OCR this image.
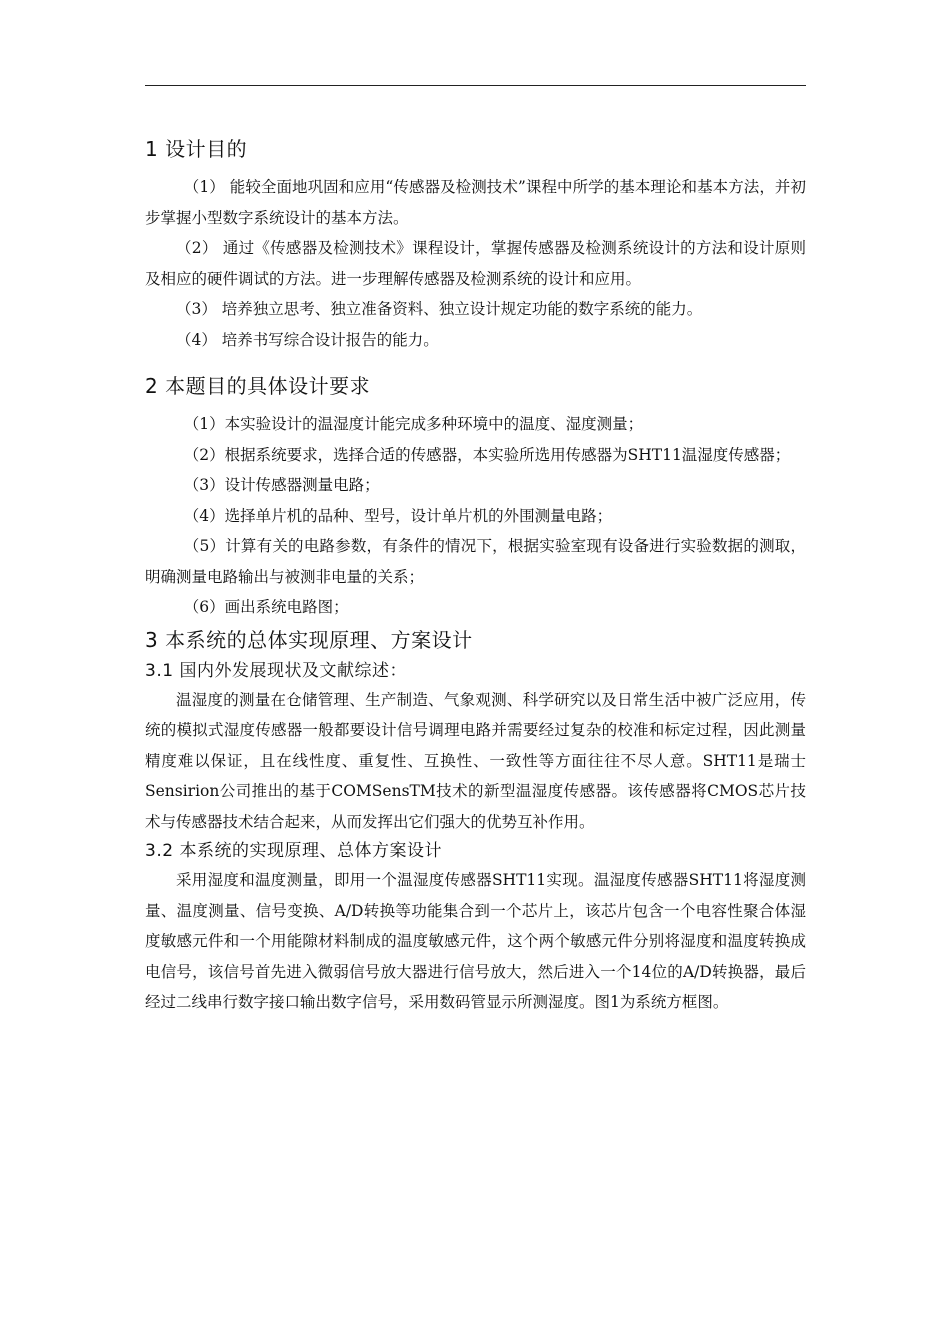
1 设计目的

（1） 能较全面地巩固和应用“传感器及检测技术”课程中所学的基本理论和基本方法，并初步掌握小型数字系统设计的基本方法。

（2） 通过《传感器及检测技术》课程设计，掌握传感器及检测系统设计的方法和设计原则及相应的硬件调试的方法。进一步理解传感器及检测系统的设计和应用。

（3） 培养独立思考、独立准备资料、独立设计规定功能的数字系统的能力。

（4） 培养书写综合设计报告的能力。

2 本题目的具体设计要求

（1）本实验设计的温湿度计能完成多种环境中的温度、湿度测量；

（2）根据系统要求，选择合适的传感器，本实验所选用传感器为SHT11温湿度传感器；

（3）设计传感器测量电路；

（4）选择单片机的品种、型号，设计单片机的外围测量电路；

（5）计算有关的电路参数，有条件的情况下，根据实验室现有设备进行实验数据的测取，明确测量电路输出与被测非电量的关系；

（6）画出系统电路图；

3 本系统的总体实现原理、方案设计
3.1 国内外发展现状及文献综述：

温湿度的测量在仓储管理、生产制造、气象观测、科学研究以及日常生活中被广泛应用，传统的模拟式湿度传感器一般都要设计信号调理电路并需要经过复杂的校准和标定过程，因此测量精度难以保证，且在线性度、重复性、互换性、一致性等方面往往不尽人意。SHT11是瑞士Sensirion公司推出的基于COMSensTM技术的新型温湿度传感器。该传感器将CMOS芯片技术与传感器技术结合起来，从而发挥出它们强大的优势互补作用。

3.2 本系统的实现原理、总体方案设计

采用湿度和温度测量，即用一个温湿度传感器SHT11实现。温湿度传感器SHT11将湿度测量、温度测量、信号变换、A/D转换等功能集合到一个芯片上，该芯片包含一个电容性聚合体湿度敏感元件和一个用能隙材料制成的温度敏感元件，这个两个敏感元件分别将湿度和温度转换成电信号，该信号首先进入微弱信号放大器进行信号放大，然后进入一个14位的A/D转换器，最后经过二线串行数字接口输出数字信号，采用数码管显示所测湿度。图1为系统方框图。
